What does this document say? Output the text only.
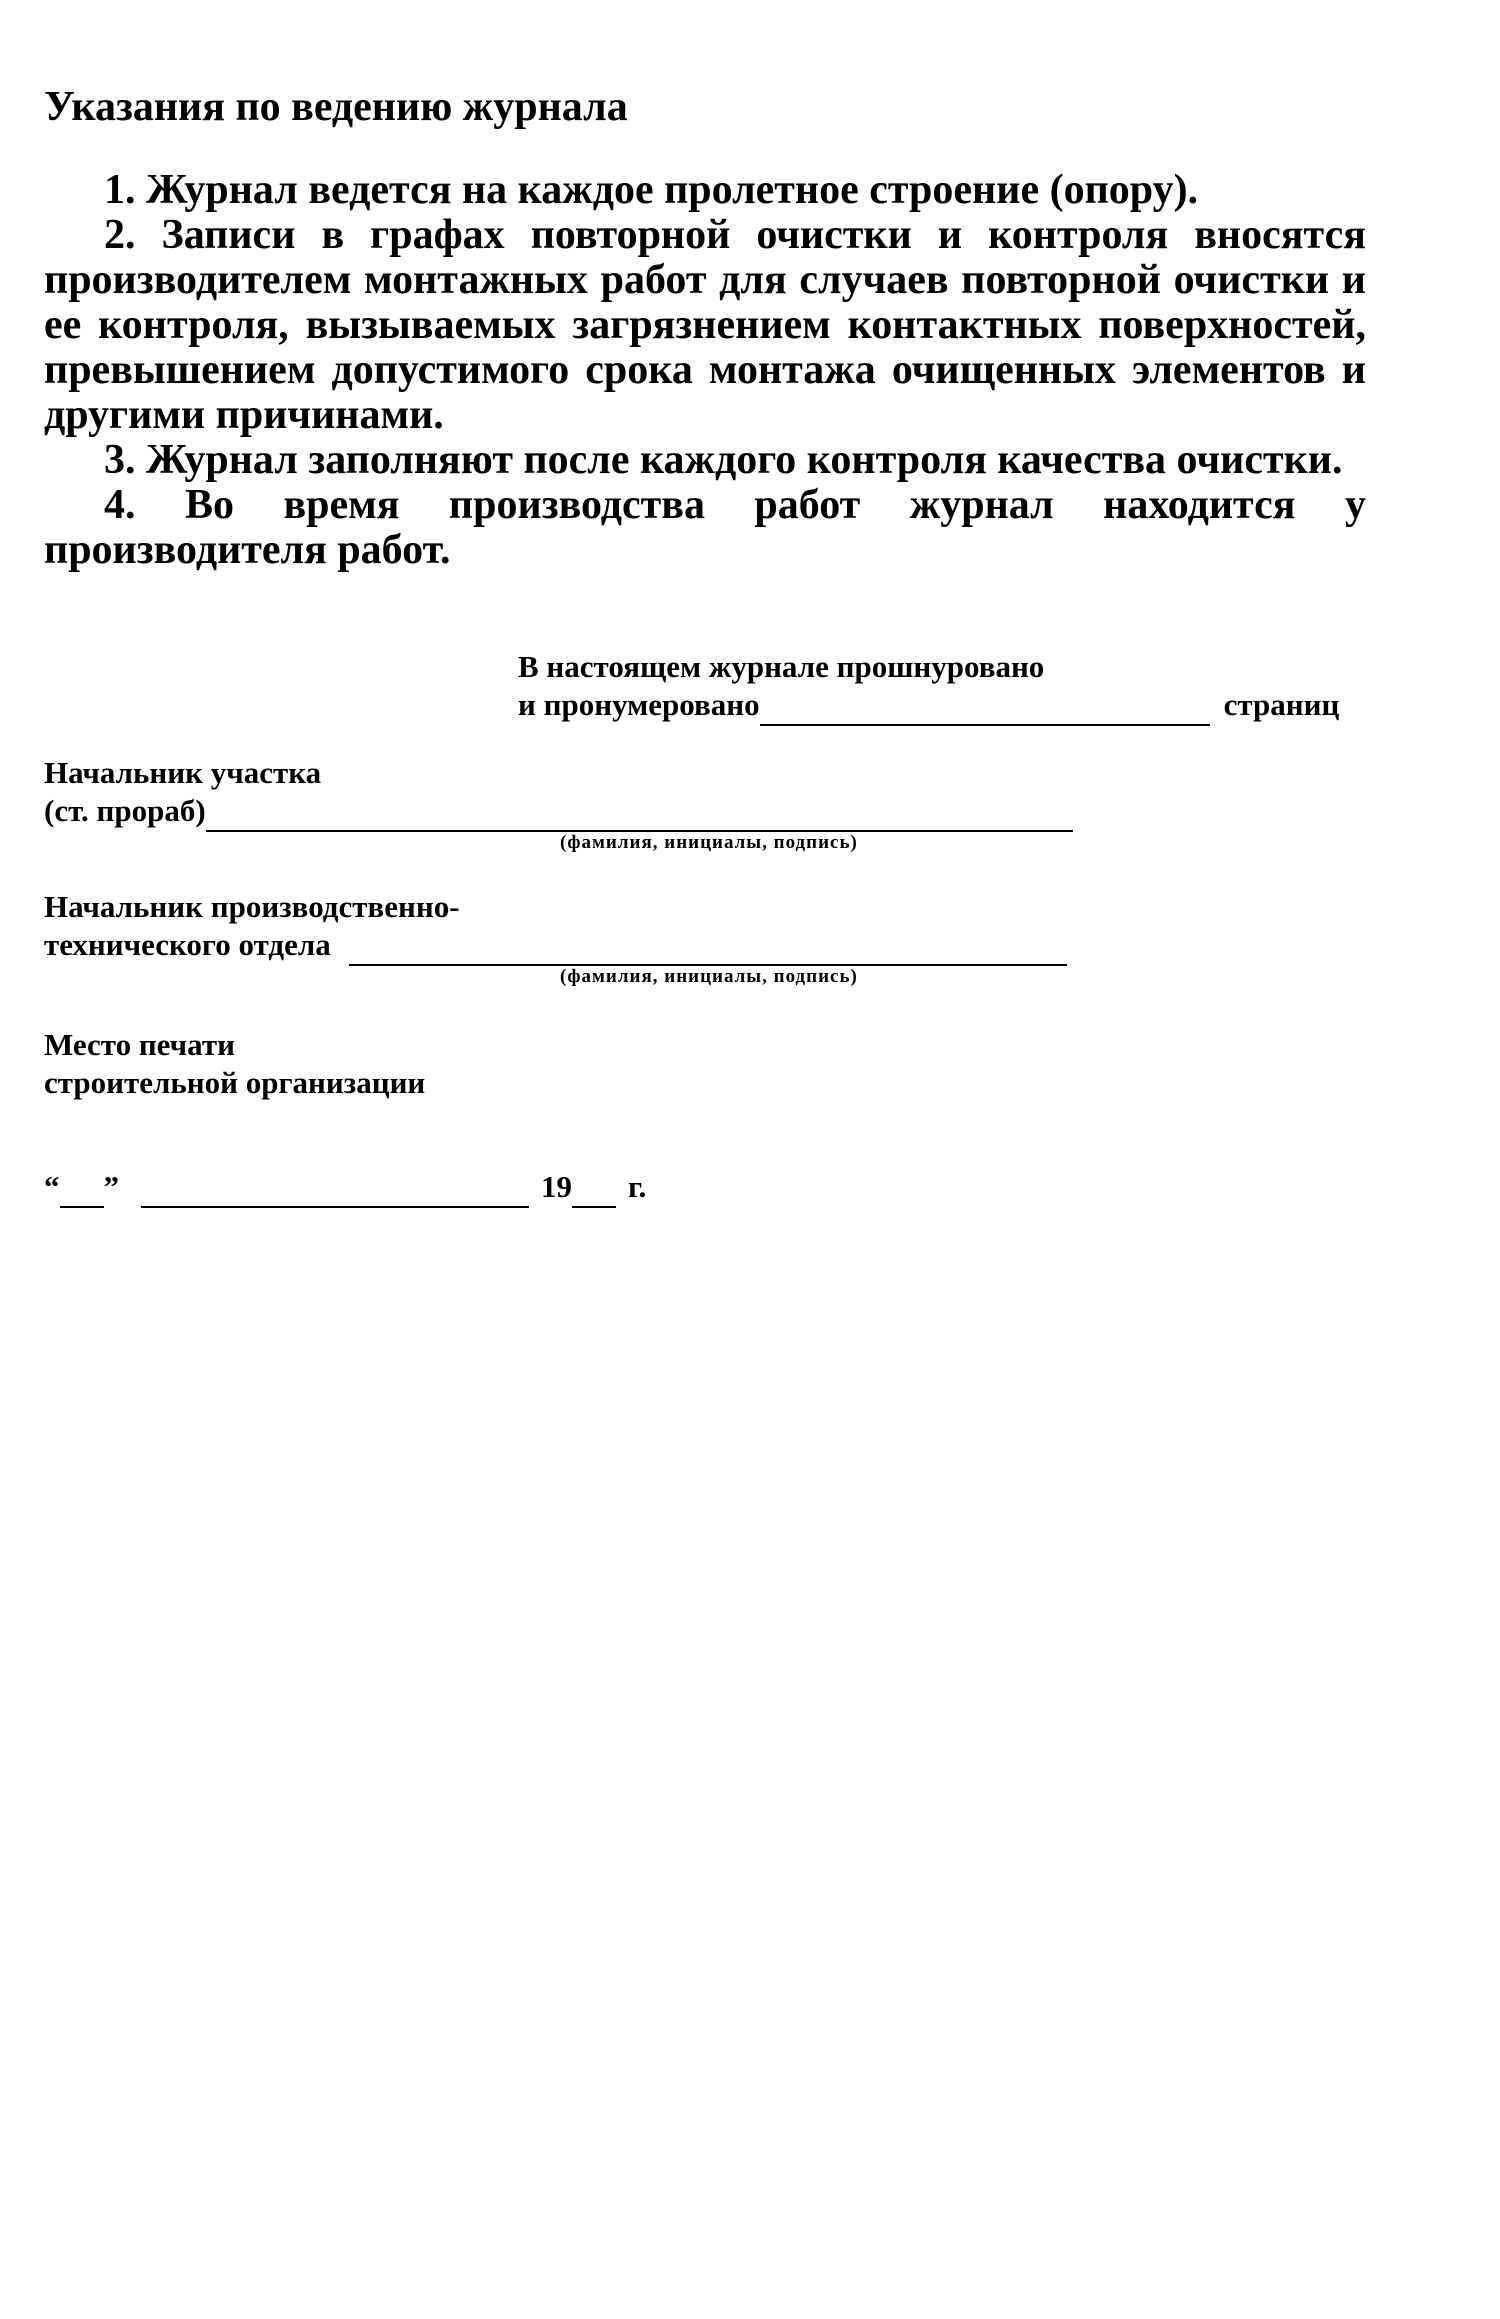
Указания по ведению журнала

1. Журнал ведется на каждое пролетное строение (опору).

2. Записи в графах повторной очистки и контроля вносятся производителем монтажных работ для случаев повторной очистки и ее контроля, вызываемых загрязнением контактных поверхностей, превышением допустимого срока монтажа очищенных элементов и другими причинами.

3. Журнал заполняют после каждого контроля качества очистки.

4. Во время производства работ журнал находится у производителя работ.

В настоящем журнале прошнуровано
и пронумеровано	страниц
Начальник участка
(ст. прораб)
(фамилия, инициалы, подпись)
Начальник производственно-
технического отдела
(фамилия, инициалы, подпись)
Место печати
строительной организации
“ ”	19 г.
